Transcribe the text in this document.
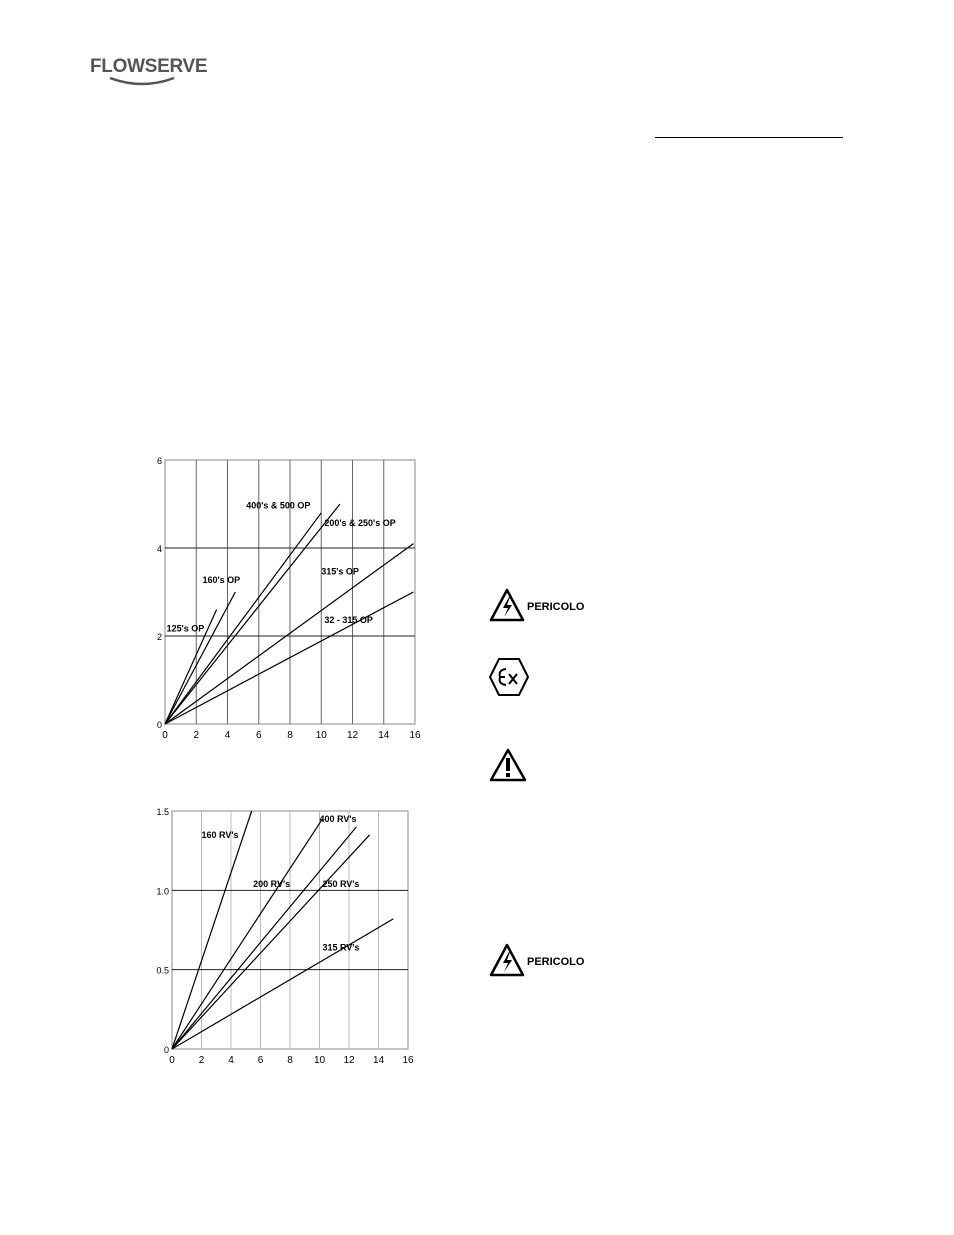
FLOWSERVE
0	2	4	6	8 10 12 14 16
0
2
4
6
125's OP
160's OP
400's & 500 OP
200's & 250's OP
315's OP
32 - 315 OP
0 2 4 6 8 10 12 14 16
0
0.5
1.0
1.5
160 RV's
200 RV's
400 RV's
250 RV's
315 RV's
PERICOLO
PERICOLO
